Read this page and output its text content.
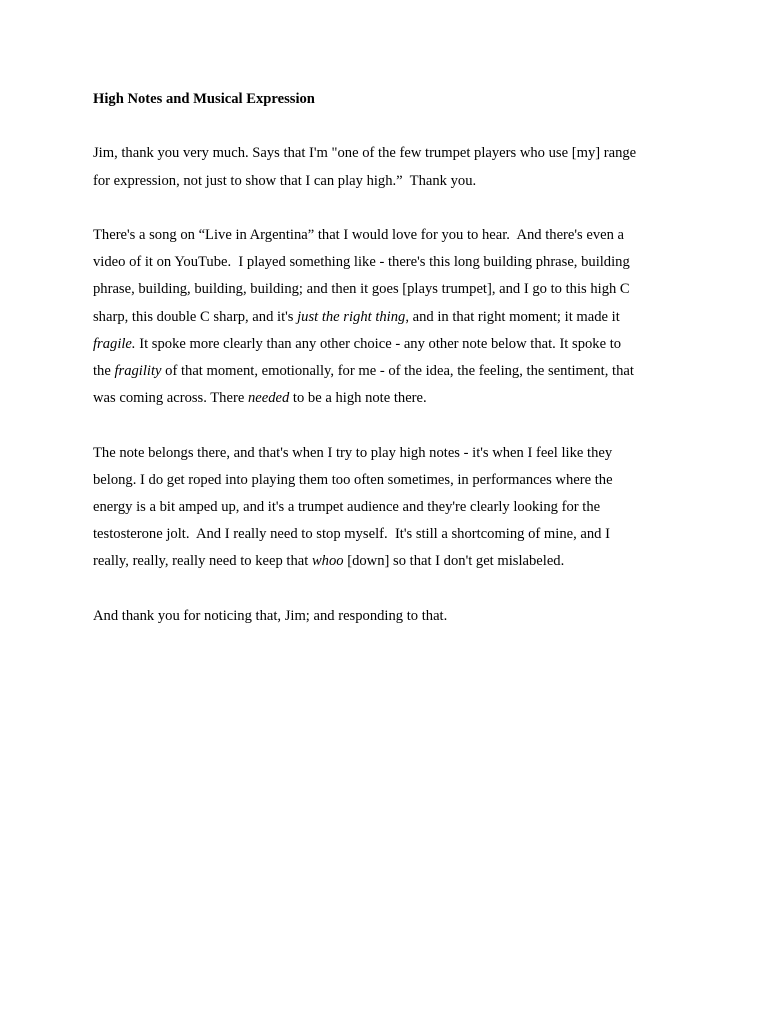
High Notes and Musical Expression
Jim, thank you very much. Says that I'm "one of the few trumpet players who use [my] range
for expression, not just to show that I can play high.”  Thank you.
There's a song on “Live in Argentina” that I would love for you to hear.  And there's even a
video of it on YouTube.  I played something like - there's this long building phrase, building
phrase, building, building, building; and then it goes [plays trumpet], and I go to this high C
sharp, this double C sharp, and it's just the right thing, and in that right moment; it made it
fragile. It spoke more clearly than any other choice - any other note below that. It spoke to
the fragility of that moment, emotionally, for me - of the idea, the feeling, the sentiment, that
was coming across. There needed to be a high note there.
The note belongs there, and that's when I try to play high notes - it's when I feel like they
belong. I do get roped into playing them too often sometimes, in performances where the
energy is a bit amped up, and it's a trumpet audience and they're clearly looking for the
testosterone jolt.  And I really need to stop myself.  It's still a shortcoming of mine, and I
really, really, really need to keep that whoo [down] so that I don't get mislabeled.
And thank you for noticing that, Jim; and responding to that.
